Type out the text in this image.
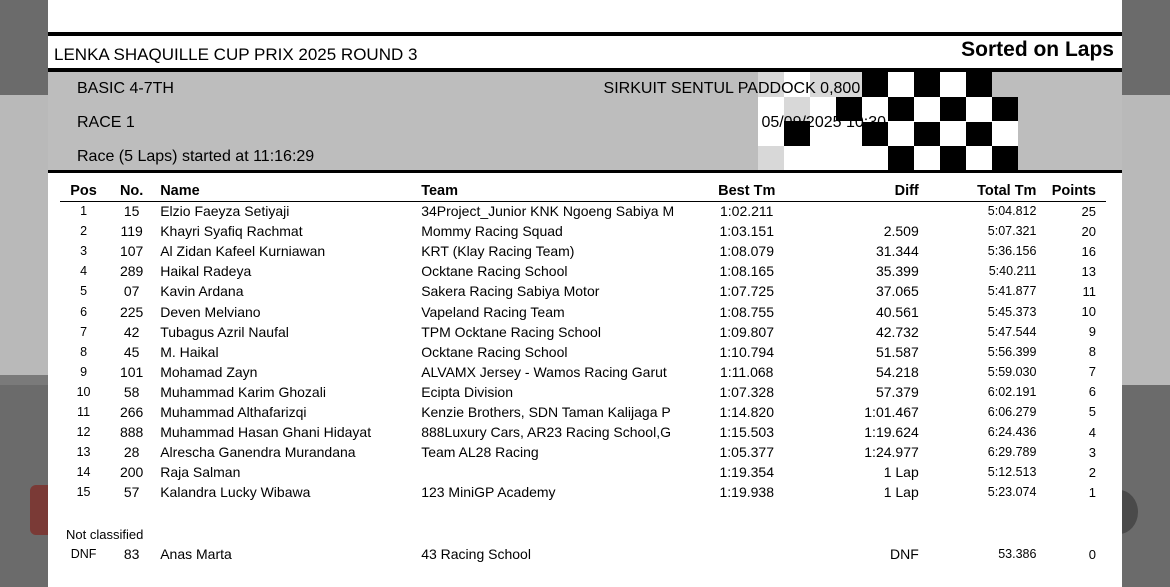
LENKA SHAQUILLE CUP PRIX 2025 ROUND 3	Sorted on Laps
BASIC 4-7TH
RACE 1
Race (5 Laps) started at 11:16:29
SIRKUIT SENTUL PADDOCK 0,800 km
05/09/2025 10:30
Pos	No.	Name	Team	Best Tm	Diff	Total Tm	Points
1	15	Elzio Faeyza Setiyaji	34Project_Junior KNK Ngoeng Sabiya M	1:02.211		5:04.812	25
2	119	Khayri Syafiq Rachmat	Mommy Racing Squad	1:03.151	2.509	5:07.321	20
3	107	Al Zidan Kafeel Kurniawan	KRT (Klay Racing Team)	1:08.079	31.344	5:36.156	16
4	289	Haikal Radeya	Ocktane Racing School	1:08.165	35.399	5:40.211	13
5	07	Kavin Ardana	Sakera Racing Sabiya Motor	1:07.725	37.065	5:41.877	11
6	225	Deven Melviano	Vapeland Racing Team	1:08.755	40.561	5:45.373	10
7	42	Tubagus Azril Naufal	TPM Ocktane Racing School	1:09.807	42.732	5:47.544	9
8	45	M. Haikal	Ocktane Racing School	1:10.794	51.587	5:56.399	8
9	101	Mohamad Zayn	ALVAMX Jersey - Wamos Racing Garut	1:11.068	54.218	5:59.030	7
10	58	Muhammad Karim Ghozali	Ecipta Division	1:07.328	57.379	6:02.191	6
11	266	Muhammad Althafarizqi	Kenzie Brothers, SDN Taman Kalijaga P	1:14.820	1:01.467	6:06.279	5
12	888	Muhammad Hasan Ghani Hidayat	888Luxury Cars, AR23 Racing School,G	1:15.503	1:19.624	6:24.436	4
13	28	Alrescha Ganendra Murandana	Team AL28 Racing	1:05.377	1:24.977	6:29.789	3
14	200	Raja Salman		1:19.354	1 Lap	5:12.513	2
15	57	Kalandra Lucky Wibawa	123 MiniGP Academy	1:19.938	1 Lap	5:23.074	1
Not classified
DNF	83	Anas Marta	43 Racing School		DNF	53.386	0
